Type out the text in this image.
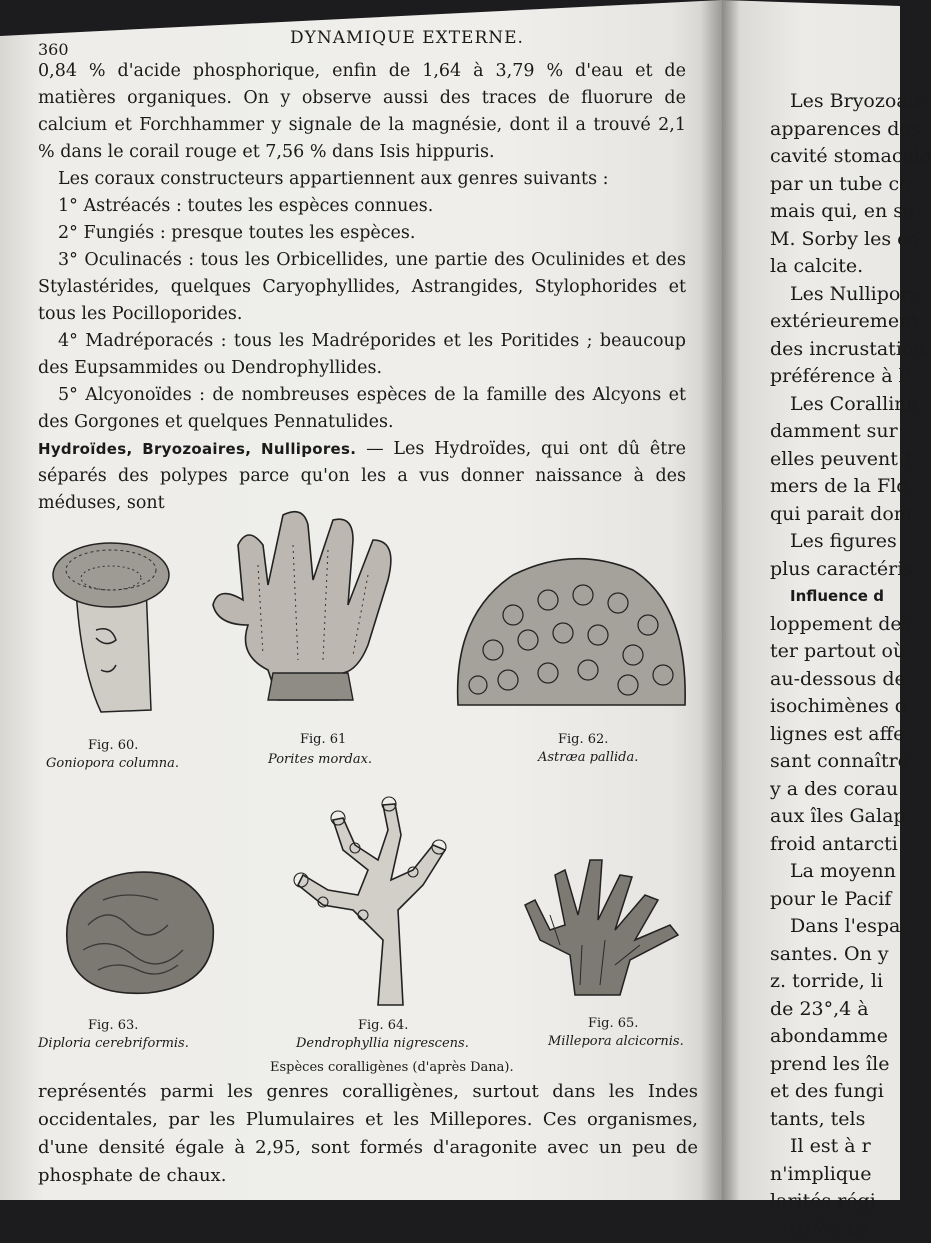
360
DYNAMIQUE EXTERNE.

0,84 % d'acide phosphorique, enfin de 1,64 à 3,79 % d'eau et de matières organiques. On y observe aussi des traces de fluorure de calcium et Forchhammer y signale de la magnésie, dont il a trouvé 2,1 % dans le corail rouge et 7,56 % dans Isis hippuris.

Les coraux constructeurs appartiennent aux genres suivants :

1° Astréacés : toutes les espèces connues.

2° Fungiés : presque toutes les espèces.

3° Oculinacés : tous les Orbicellides, une partie des Oculinides et des Stylastérides, quelques Caryophyllides, Astrangides, Stylophorides et tous les Pocilloporides.

4° Madréporacés : tous les Madréporides et les Poritides ; beaucoup des Eupsammides ou Dendrophyllides.

5° Alcyonoïdes : de nombreuses espèces de la famille des Alcyons et des Gorgones et quelques Pennatulides.

Hydroïdes, Bryozoaires, Nullipores. — Les Hydroïdes, qui ont dû être séparés des polypes parce qu'on les a vus donner naissance à des méduses, sont

Fig. 60.
Goniopora columna.
Fig. 61
Porites mordax.
Fig. 62.
Astræa pallida.
Fig. 63.
Diploria cerebriformis.
Fig. 64.
Dendrophyllia nigrescens.
Fig. 65.
Millepora alcicornis.
Espèces coralligènes (d'après Dana).

représentés parmi les genres coralligènes, surtout dans les Indes occidentales, par les Plumulaires et les Millepores. Ces organismes, d'une densité égale à 2,95, sont formés d'aragonite avec un peu de phosphate de chaux.

Les Bryozoair
apparences des
cavité stomacale
par un tube co
mais qui, en se
M. Sorby les co
la calcite.
Les Nullipore
extérieurement
des incrustation
préférence à l'
Les Coralline
damment sur
elles peuvent f
mers de la Flo
qui parait dom
Les figures
plus caractéris
Influence d
loppement des
ter partout où
au-dessous de
isochimènes d
lignes est affe
sant connaître
y a des corau
aux îles Galap
froid antarcti
La moyenn
pour le Pacif
Dans l'espa
santes. On y
z. torride, li
de 23°,4 à
abondamme
prend les île
et des fungi
tants, tels
Il est à r
n'implique
larités régi
(1) Voy. ant
